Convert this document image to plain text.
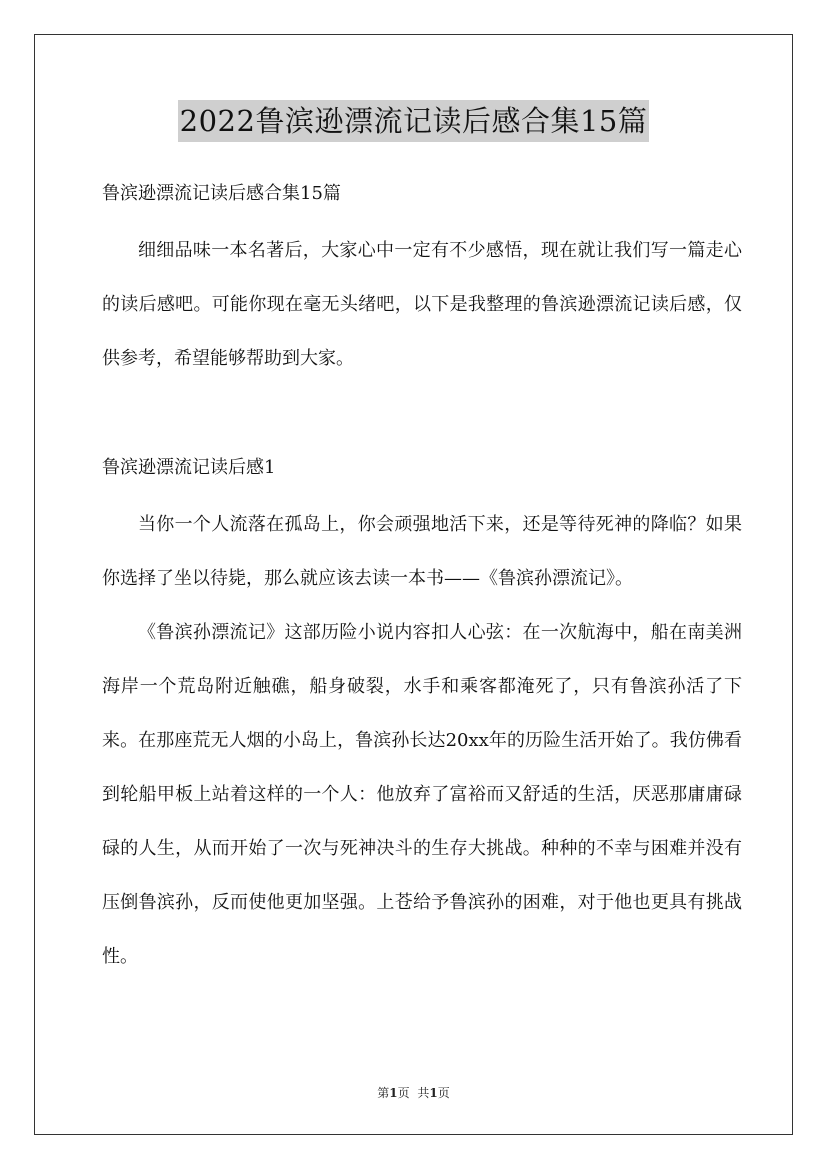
2022鲁滨逊漂流记读后感合集15篇

鲁滨逊漂流记读后感合集15篇

细细品味一本名著后，大家心中一定有不少感悟，现在就让我们写一篇走心的读后感吧。可能你现在毫无头绪吧，以下是我整理的鲁滨逊漂流记读后感，仅供参考，希望能够帮助到大家。

鲁滨逊漂流记读后感1

当你一个人流落在孤岛上，你会顽强地活下来，还是等待死神的降临？如果你选择了坐以待毙，那么就应该去读一本书——《鲁滨孙漂流记》。

《鲁滨孙漂流记》这部历险小说内容扣人心弦：在一次航海中，船在南美洲海岸一个荒岛附近触礁，船身破裂，水手和乘客都淹死了，只有鲁滨孙活了下来。在那座荒无人烟的小岛上，鲁滨孙长达20xx年的历险生活开始了。我仿佛看到轮船甲板上站着这样的一个人：他放弃了富裕而又舒适的生活，厌恶那庸庸碌碌的人生，从而开始了一次与死神决斗的生存大挑战。种种的不幸与困难并没有压倒鲁滨孙，反而使他更加坚强。上苍给予鲁滨孙的困难，对于他也更具有挑战性。

第1页 共1页
